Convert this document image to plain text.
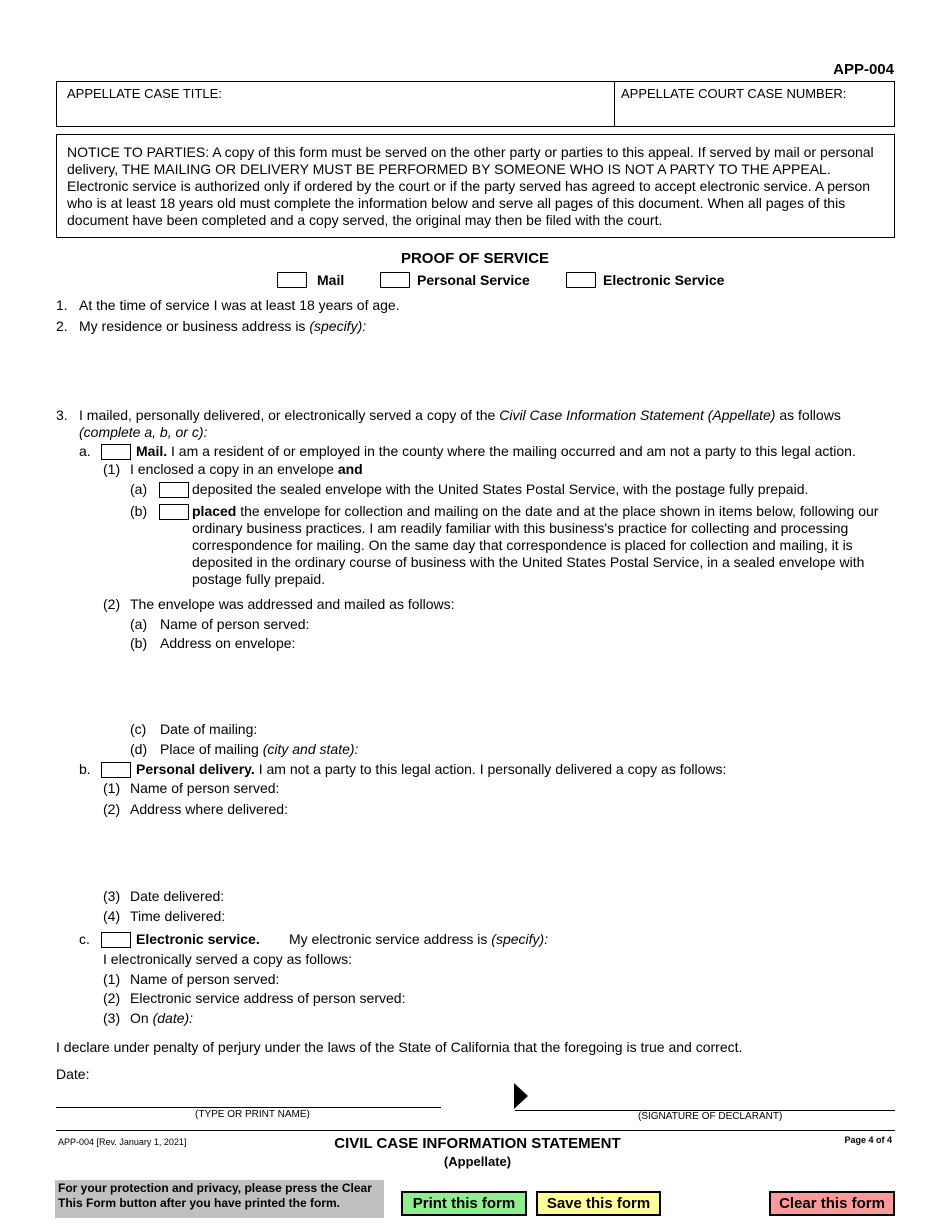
APP-004
APPELLATE CASE TITLE:	APPELLATE COURT CASE NUMBER:
NOTICE TO PARTIES: A copy of this form must be served on the other party or parties to this appeal. If served by mail or personal delivery, THE MAILING OR DELIVERY MUST BE PERFORMED BY SOMEONE WHO IS NOT A PARTY TO THE APPEAL. Electronic service is authorized only if ordered by the court or if the party served has agreed to accept electronic service. A person who is at least 18 years old must complete the information below and serve all pages of this document. When all pages of this document have been completed and a copy served, the original may then be filed with the court.
PROOF OF SERVICE
Mail	Personal Service	Electronic Service
1. At the time of service I was at least 18 years of age.
2. My residence or business address is (specify):
3. I mailed, personally delivered, or electronically served a copy of the Civil Case Information Statement (Appellate) as follows
(complete a, b, or c):
a.	Mail. I am a resident of or employed in the county where the mailing occurred and am not a party to this legal action.
(1) I enclosed a copy in an envelope and
(a)	deposited the sealed envelope with the United States Postal Service, with the postage fully prepaid.
(b)	placed the envelope for collection and mailing on the date and at the place shown in items below, following our
ordinary business practices. I am readily familiar with this business's practice for collecting and processing
correspondence for mailing. On the same day that correspondence is placed for collection and mailing, it is
deposited in the ordinary course of business with the United States Postal Service, in a sealed envelope with
postage fully prepaid.
(2) The envelope was addressed and mailed as follows:
(a) Name of person served:
(b) Address on envelope:
(c) Date of mailing:
(d) Place of mailing (city and state):
b.	Personal delivery. I am not a party to this legal action. I personally delivered a copy as follows:
(1) Name of person served:
(2) Address where delivered:
(3) Date delivered:
(4) Time delivered:
c.	Electronic service. My electronic service address is (specify):
I electronically served a copy as follows:
(1) Name of person served:
(2) Electronic service address of person served:
(3) On (date):
I declare under penalty of perjury under the laws of the State of California that the foregoing is true and correct.
Date:
(TYPE OR PRINT NAME)	(SIGNATURE OF DECLARANT)
APP-004 [Rev. January 1, 2021]	CIVIL CASE INFORMATION STATEMENT
(Appellate)
Page 4 of 4
For your protection and privacy, please press the Clear This Form button after you have printed the form.	Print this form	Save this form	Clear this form
